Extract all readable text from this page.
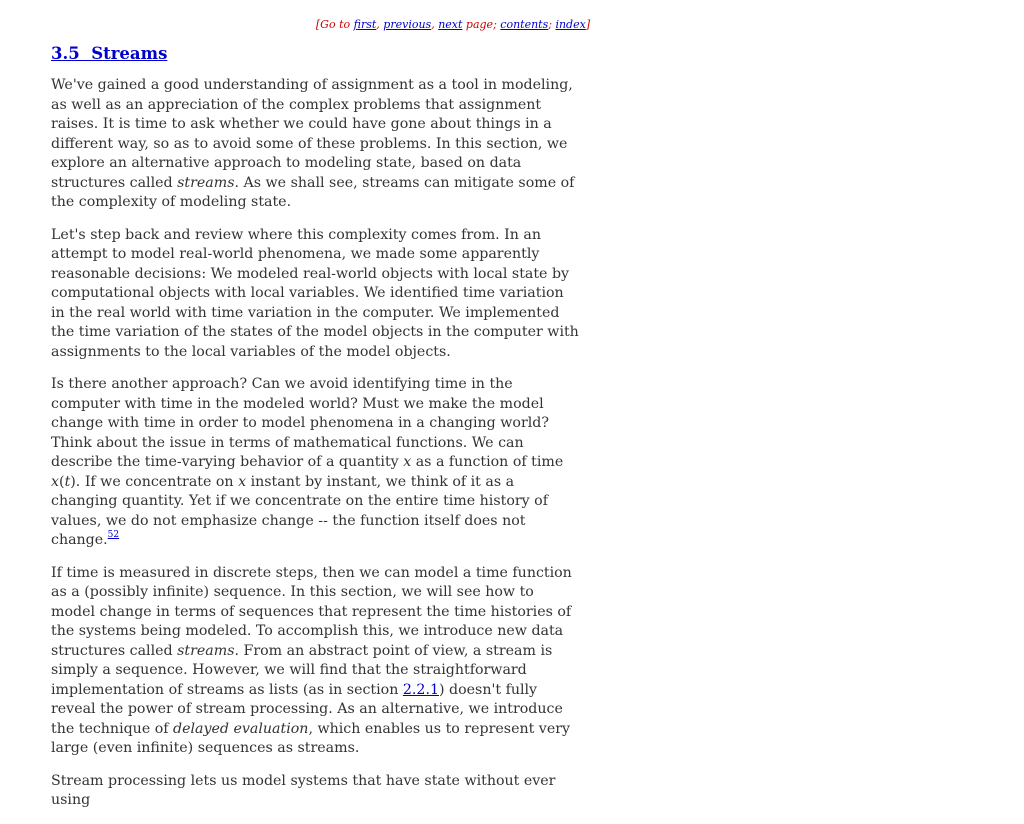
[Go to first, previous, next page; contents; index]
3.5  Streams

We've gained a good understanding of assignment as a tool in modeling, as well as an appreciation of the complex problems that assignment raises. It is time to ask whether we could have gone about things in a different way, so as to avoid some of these problems. In this section, we explore an alternative approach to modeling state, based on data structures called streams. As we shall see, streams can mitigate some of the complexity of modeling state.

Let's step back and review where this complexity comes from. In an attempt to model real-world phenomena, we made some apparently reasonable decisions: We modeled real-world objects with local state by computational objects with local variables. We identified time variation in the real world with time variation in the computer. We implemented the time variation of the states of the model objects in the computer with assignments to the local variables of the model objects.

Is there another approach? Can we avoid identifying time in the computer with time in the modeled world? Must we make the model change with time in order to model phenomena in a changing world? Think about the issue in terms of mathematical functions. We can describe the time-varying behavior of a quantity x as a function of time x(t). If we concentrate on x instant by instant, we think of it as a changing quantity. Yet if we concentrate on the entire time history of values, we do not emphasize change -- the function itself does not change.$^{52}$

If time is measured in discrete steps, then we can model a time function as a (possibly infinite) sequence. In this section, we will see how to model change in terms of sequences that represent the time histories of the systems being modeled. To accomplish this, we introduce new data structures called streams. From an abstract point of view, a stream is simply a sequence. However, we will find that the straightforward implementation of streams as lists (as in section 2.2.1) doesn't fully reveal the power of stream processing. As an alternative, we introduce the technique of delayed evaluation, which enables us to represent very large (even infinite) sequences as streams.

Stream processing lets us model systems that have state without ever using
